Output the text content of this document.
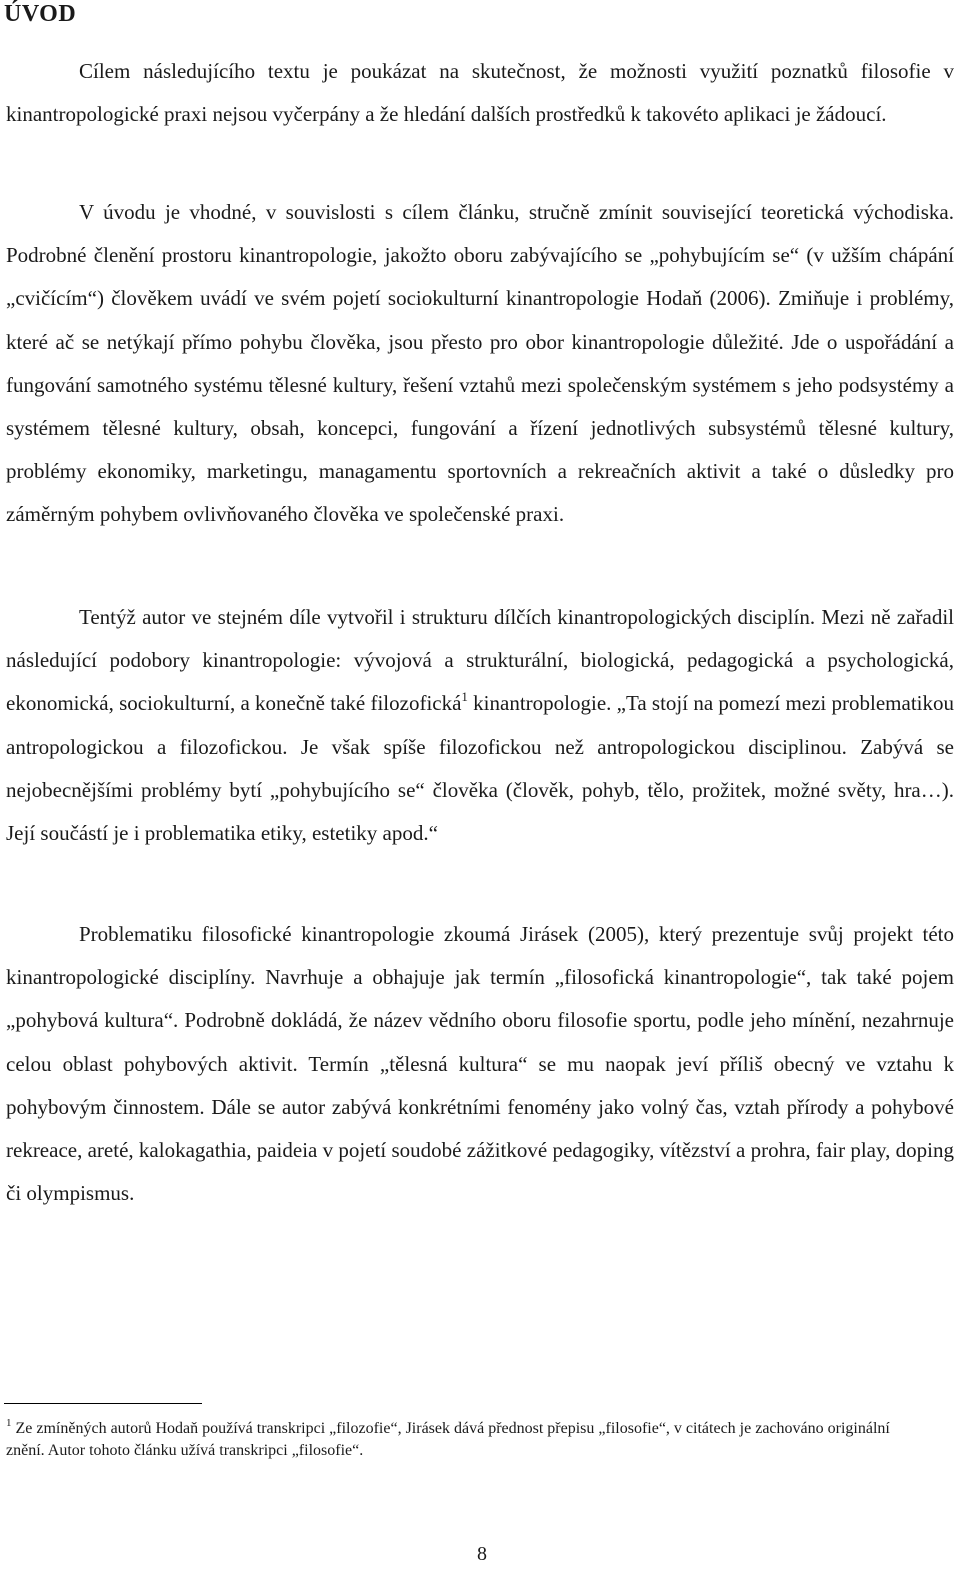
ÚVOD

Cílem následujícího textu je poukázat na skutečnost, že možnosti využití poznatků filosofie v kinantropologické praxi nejsou vyčerpány a že hledání dalších prostředků k takovéto aplikaci je žádoucí.

V úvodu je vhodné, v souvislosti s cílem článku, stručně zmínit související teoretická východiska. Podrobné členění prostoru kinantropologie, jakožto oboru zabývajícího se „pohybujícím se“ (v užším chápání „cvičícím“) člověkem uvádí ve svém pojetí sociokulturní kinantropologie Hodaň (2006). Zmiňuje i problémy, které ač se netýkají přímo pohybu člověka, jsou přesto pro obor kinantropologie důležité. Jde o uspořádání a fungování samotného systému tělesné kultury, řešení vztahů mezi společenským systémem s jeho podsystémy a systémem tělesné kultury, obsah, koncepci, fungování a řízení jednotlivých subsystémů tělesné kultury, problémy ekonomiky, marketingu, managamentu sportovních a rekreačních aktivit a také o důsledky pro záměrným pohybem ovlivňovaného člověka ve společenské praxi.

Tentýž autor ve stejném díle vytvořil i strukturu dílčích kinantropologických disciplín. Mezi ně zařadil následující podobory kinantropologie: vývojová a strukturální, biologická, pedagogická a psychologická, ekonomická, sociokulturní, a konečně také filozofická$^1$ kinantropologie. „Ta stojí na pomezí mezi problematikou antropologickou a filozofickou. Je však spíše filozofickou než antropologickou disciplinou. Zabývá se nejobecnějšími problémy bytí „pohybujícího se“ člověka (člověk, pohyb, tělo, prožitek, možné světy, hra…). Její součástí je i problematika etiky, estetiky apod.“

Problematiku filosofické kinantropologie zkoumá Jirásek (2005), který prezentuje svůj projekt této kinantropologické disciplíny. Navrhuje a obhajuje jak termín „filosofická kinantropologie“, tak také pojem „pohybová kultura“. Podrobně dokládá, že název vědního oboru filosofie sportu, podle jeho mínění, nezahrnuje celou oblast pohybových aktivit. Termín „tělesná kultura“ se mu naopak jeví příliš obecný ve vztahu k pohybovým činnostem. Dále se autor zabývá konkrétními fenomény jako volný čas, vztah přírody a pohybové rekreace, areté, kalokagathia, paideia v pojetí soudobé zážitkové pedagogiky, vítězství a prohra, fair play, doping či olympismus.

$^1$ Ze zmíněných autorů Hodaň používá transkripci „filozofie“, Jirásek dává přednost přepisu „filosofie“, v citátech je zachováno originální znění. Autor tohoto článku užívá transkripci „filosofie“.

8
